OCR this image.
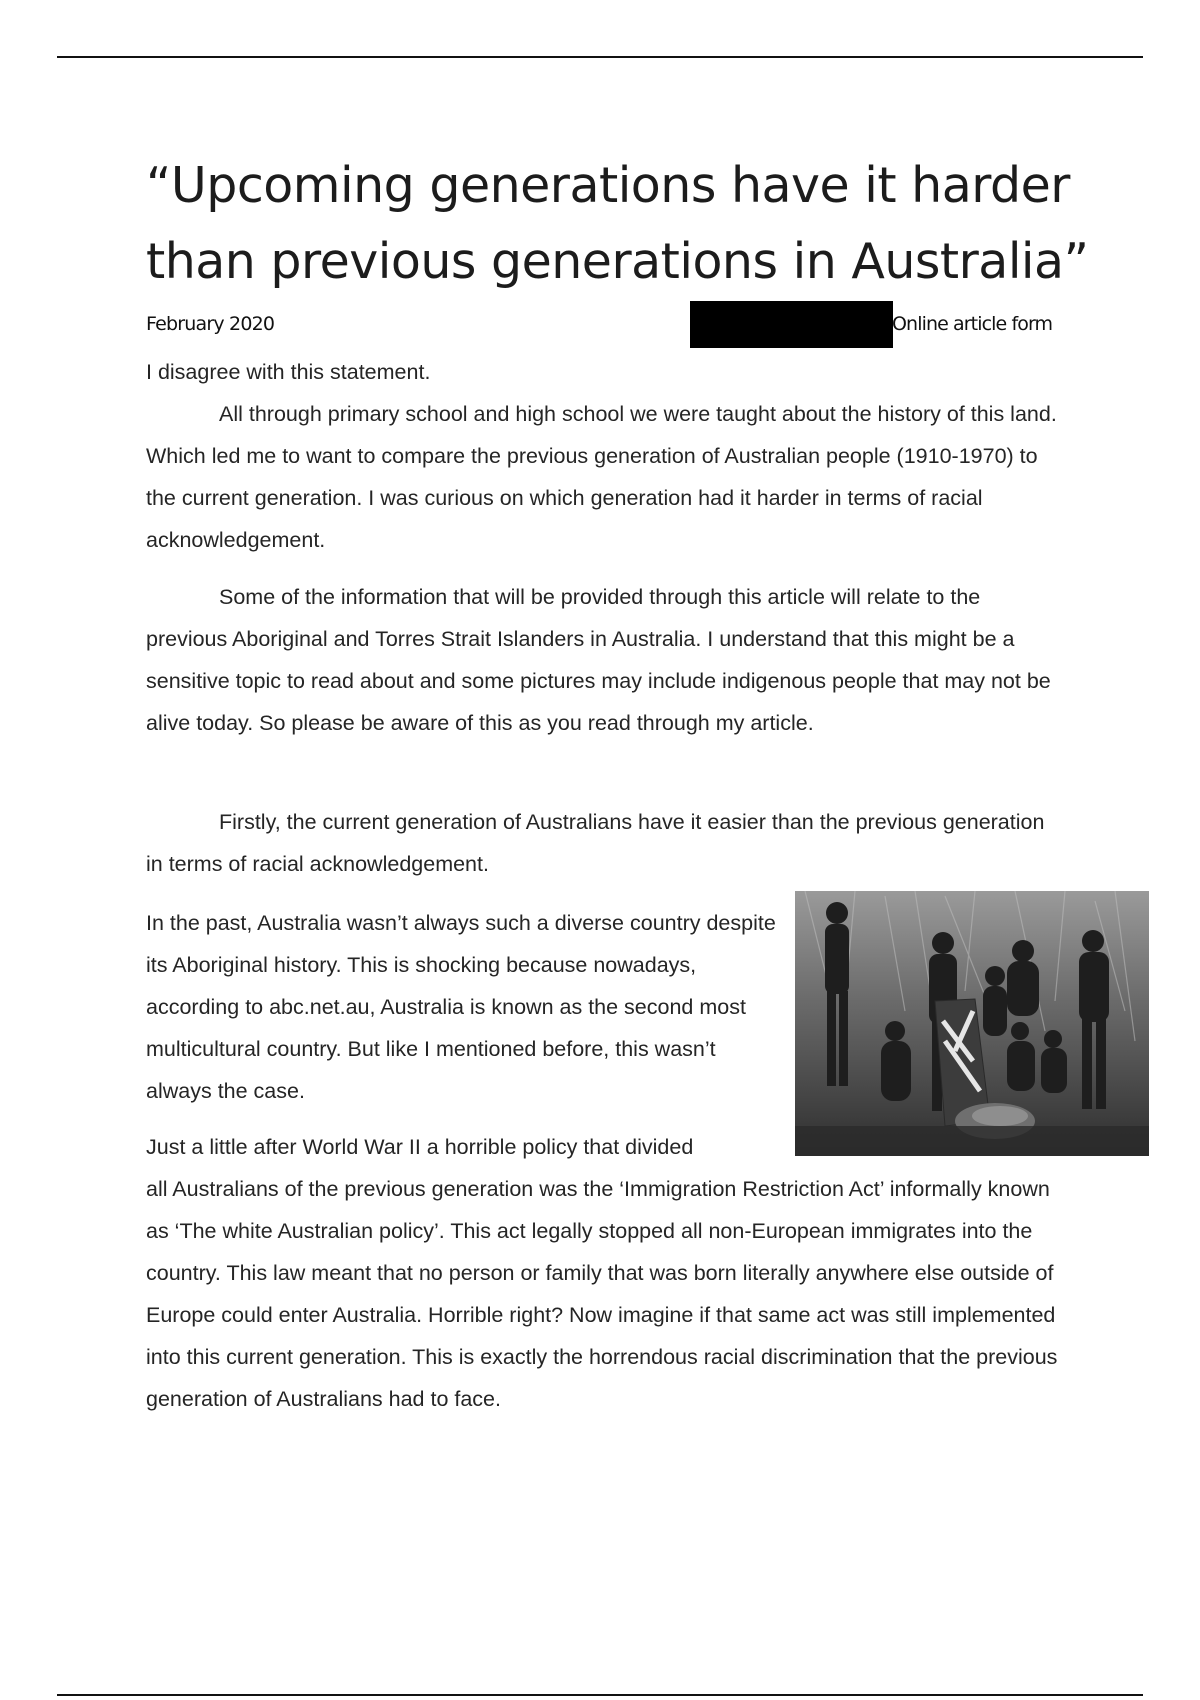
“Upcoming generations have it harder than previous generations in Australia”
February 2020	Online article form

I disagree with this statement.

All through primary school and high school we were taught about the history of this land. Which led me to want to compare the previous generation of Australian people (1910-1970) to the current generation. I was curious on which generation had it harder in terms of racial acknowledgement.

Some of the information that will be provided through this article will relate to the previous Aboriginal and Torres Strait Islanders in Australia. I understand that this might be a sensitive topic to read about and some pictures may include indigenous people that may not be alive today. So please be aware of this as you read through my article.

Firstly, the current generation of Australians have it easier than the previous generation in terms of racial acknowledgement.

In the past, Australia wasn’t always such a diverse country despite its Aboriginal history. This is shocking because nowadays, according to abc.net.au, Australia is known as the second most multicultural country. But like I mentioned before, this wasn’t always the case.

Just a little after World War II a horrible policy that divided

all Australians of the previous generation was the ‘Immigration Restriction Act’ informally known as ‘The white Australian policy’. This act legally stopped all non-European immigrates into the country. This law meant that no person or family that was born literally anywhere else outside of Europe could enter Australia. Horrible right? Now imagine if that same act was still implemented into this current generation. This is exactly the horrendous racial discrimination that the previous generation of Australians had to face.
